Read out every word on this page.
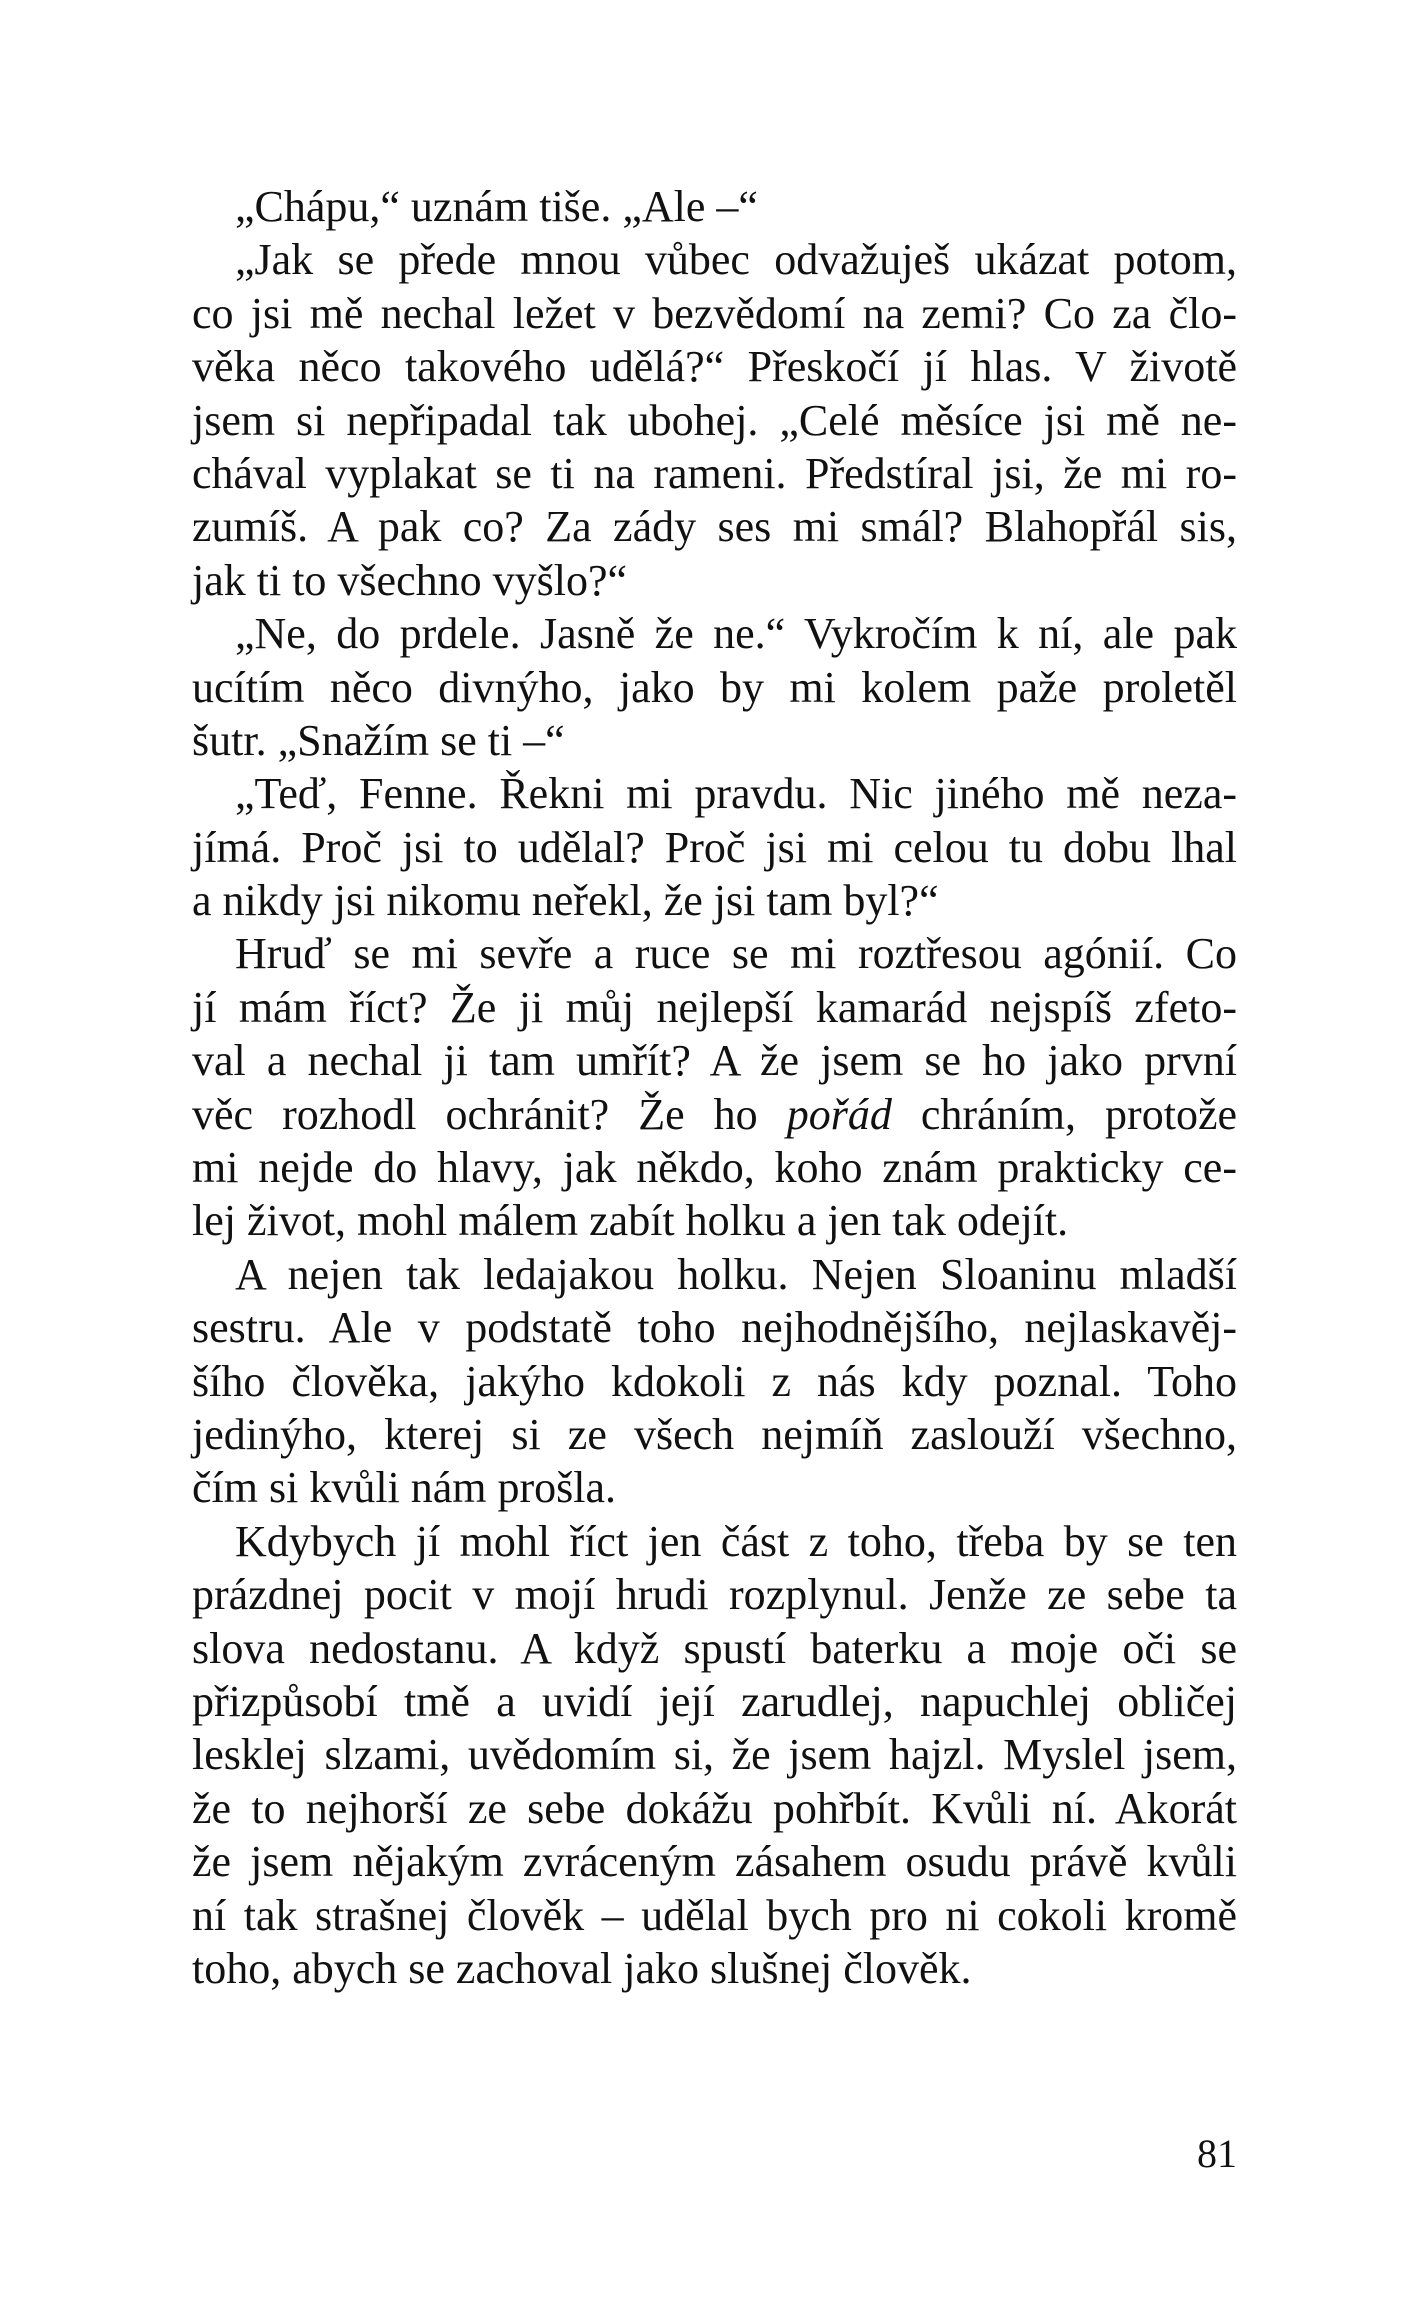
„Chápu,“ uznám tiše. „Ale –“
„Jak se přede mnou vůbec odvažuješ ukázat potom,
co jsi mě nechal ležet v bezvědomí na zemi? Co za člo-
věka něco takového udělá?“ Přeskočí jí hlas. V životě
jsem si nepřipadal tak ubohej. „Celé měsíce jsi mě ne-
chával vyplakat se ti na rameni. Předstíral jsi, že mi ro-
zumíš. A pak co? Za zády ses mi smál? Blahopřál sis,
jak ti to všechno vyšlo?“
„Ne, do prdele. Jasně že ne.“ Vykročím k ní, ale pak
ucítím něco divnýho, jako by mi kolem paže proletěl
šutr. „Snažím se ti –“
„Teď, Fenne. Řekni mi pravdu. Nic jiného mě neza-
jímá. Proč jsi to udělal? Proč jsi mi celou tu dobu lhal
a nikdy jsi nikomu neřekl, že jsi tam byl?“
Hruď se mi sevře a ruce se mi roztřesou agónií. Co
jí mám říct? Že ji můj nejlepší kamarád nejspíš zfeto-
val a nechal ji tam umřít? A že jsem se ho jako první
věc rozhodl ochránit? Že ho pořád chráním, protože
mi nejde do hlavy, jak někdo, koho znám prakticky ce-
lej život, mohl málem zabít holku a jen tak odejít.
A nejen tak ledajakou holku. Nejen Sloaninu mladší
sestru. Ale v podstatě toho nejhodnějšího, nejlaskavěj-
šího člověka, jakýho kdokoli z nás kdy poznal. Toho
jedinýho, kterej si ze všech nejmíň zaslouží všechno,
čím si kvůli nám prošla.
Kdybych jí mohl říct jen část z toho, třeba by se ten
prázdnej pocit v mojí hrudi rozplynul. Jenže ze sebe ta
slova nedostanu. A když spustí baterku a moje oči se
přizpůsobí tmě a uvidí její zarudlej, napuchlej obličej
lesklej slzami, uvědomím si, že jsem hajzl. Myslel jsem,
že to nejhorší ze sebe dokážu pohřbít. Kvůli ní. Akorát
že jsem nějakým zvráceným zásahem osudu právě kvůli
ní tak strašnej člověk – udělal bych pro ni cokoli kromě
toho, abych se zachoval jako slušnej člověk.
81
